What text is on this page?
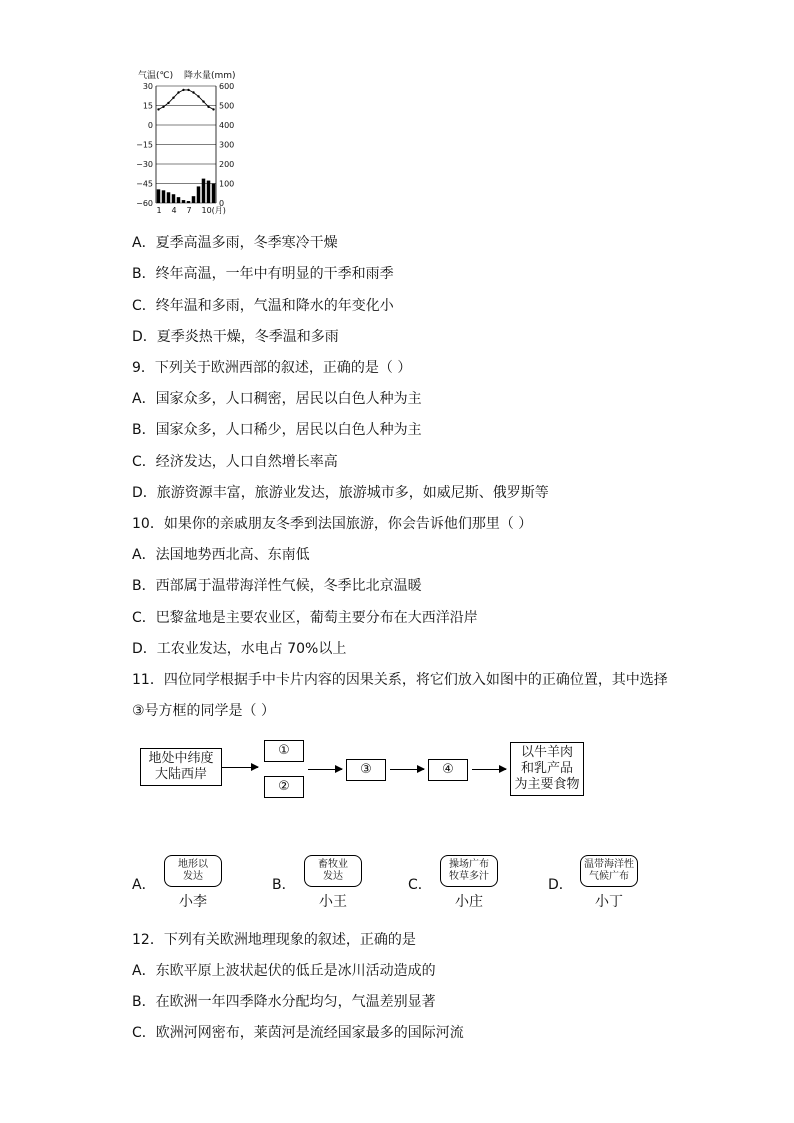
气温(℃) 降水量(mm)
30	600
15	500
0	400
−15	300
−30	200
−45	100
−60	0
1 4 7 10(月)
A．夏季高温多雨，冬季寒冷干燥
B．终年高温，一年中有明显的干季和雨季
C．终年温和多雨，气温和降水的年变化小
D．夏季炎热干燥，冬季温和多雨
9．下列关于欧洲西部的叙述，正确的是（ ）
A．国家众多，人口稠密，居民以白色人种为主
B．国家众多，人口稀少，居民以白色人种为主
C．经济发达，人口自然增长率高
D．旅游资源丰富，旅游业发达，旅游城市多，如威尼斯、俄罗斯等
10．如果你的亲戚朋友冬季到法国旅游，你会告诉他们那里（ ）
A．法国地势西北高、东南低
B．西部属于温带海洋性气候，冬季比北京温暖
C．巴黎盆地是主要农业区，葡萄主要分布在大西洋沿岸
D．工农业发达，水电占 70%以上
11．四位同学根据手中卡片内容的因果关系，将它们放入如图中的正确位置，其中选择
③号方框的同学是（ ）
地处中纬度
大陆西岸
①
②
③	④
以牛羊肉
和乳产品
为主要食物
A．
地形以
发达
小李
B．
畜牧业
发达
小王
C．
操场广布
牧草多汁
小庄
D．
温带海洋性
气候广布
小丁
12．下列有关欧洲地理现象的叙述，正确的是
A．东欧平原上波状起伏的低丘是冰川活动造成的
B．在欧洲一年四季降水分配均匀，气温差别显著
C．欧洲河网密布，莱茵河是流经国家最多的国际河流
